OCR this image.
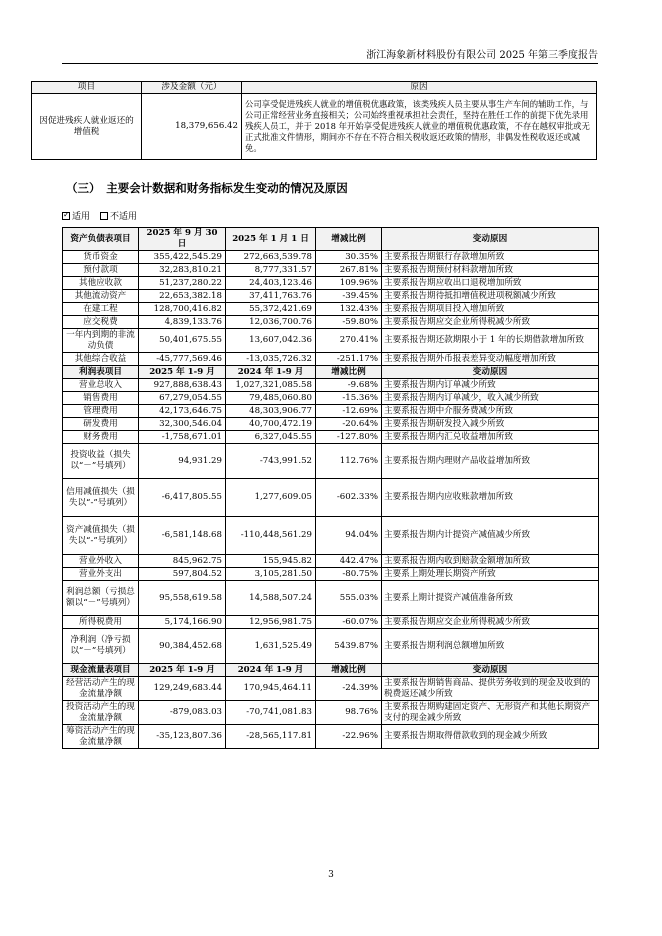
浙江海象新材料股份有限公司 2025 年第三季度报告
项目	涉及金额（元）	原因
因促进残疾人就业返还的增值税	18,379,656.42	公司享受促进残疾人就业的增值税优惠政策，该类残疾人员主要从事生产车间的辅助工作，与公司正常经营业务直接相关；公司始终重视承担社会责任，坚持在胜任工作的前提下优先录用残疾人员工，并于 2018 年开始享受促进残疾人就业的增值税优惠政策，不存在越权审批或无正式批准文件情形，期间亦不存在不符合相关税收返还政策的情形，非偶发性税收返还或减免。
（三）　主要会计数据和财务指标发生变动的情况及原因
✓适用	不适用
资产负债表项目	2025 年 9 月 30 日	2025 年 1 月 1 日	增减比例	变动原因
货币资金	355,422,545.29	272,663,539.78	30.35%	主要系报告期银行存款增加所致
预付款项	32,283,810.21	8,777,331.57	267.81%	主要系报告期预付材料款增加所致
其他应收款	51,237,280.22	24,403,123.46	109.96%	主要系报告期应收出口退税增加所致
其他流动资产	22,653,382.18	37,411,763.76	-39.45%	主要系报告期待抵扣增值税进项税额减少所致
在建工程	128,700,416.82	55,372,421.69	132.43%	主要系报告期项目投入增加所致
应交税费	4,839,133.76	12,036,700.76	-59.80%	主要系报告期应交企业所得税减少所致
一年内到期的非流动负债	50,401,675.55	13,607,042.36	270.41%	主要系报告期还款期限小于 1 年的长期借款增加所致
其他综合收益	-45,777,569.46	-13,035,726.32	-251.17%	主要系报告期外币报表差异变动幅度增加所致
利润表项目	2025 年 1-9 月	2024 年 1-9 月	增减比例	变动原因
营业总收入	927,888,638.43	1,027,321,085.58	-9.68%	主要系报告期内订单减少所致
销售费用	67,279,054.55	79,485,060.80	-15.36%	主要系报告期内订单减少，收入减少所致
管理费用	42,173,646.75	48,303,906.77	-12.69%	主要系报告期中介服务费减少所致
研发费用	32,300,546.04	40,700,472.19	-20.64%	主要系报告期研发投入减少所致
财务费用	-1,758,671.01	6,327,045.55	-127.80%	主要系报告期内汇兑收益增加所致
投资收益（损失以“－”号填列）	94,931.29	-743,991.52	112.76%	主要系报告期内理财产品收益增加所致
信用减值损失（损失以“-”号填列）	-6,417,805.55	1,277,609.05	-602.33%	主要系报告期内应收账款增加所致
资产减值损失（损失以“-”号填列）	-6,581,148.68	-110,448,561.29	94.04%	主要系报告期内计提资产减值减少所致
营业外收入	845,962.75	155,945.82	442.47%	主要系报告期内收到赔款金额增加所致
营业外支出	597,804.52	3,105,281.50	-80.75%	主要系上期处理长期资产所致
利润总额（亏损总额以“－”号填列）	95,558,619.58	14,588,507.24	555.03%	主要系上期计提资产减值准备所致
所得税费用	5,174,166.90	12,956,981.75	-60.07%	主要系报告期应交企业所得税减少所致
净利润（净亏损以“－”号填列）	90,384,452.68	1,631,525.49	5439.87%	主要系报告期利润总额增加所致
现金流量表项目	2025 年 1-9 月	2024 年 1-9 月	增减比例	变动原因
经营活动产生的现金流量净额	129,249,683.44	170,945,464.11	-24.39%	主要系报告期销售商品、提供劳务收到的现金及收到的税费返还减少所致
投资活动产生的现金流量净额	-879,083.03	-70,741,081.83	98.76%	主要系报告期购建固定资产、无形资产和其他长期资产支付的现金减少所致
筹资活动产生的现金流量净额	-35,123,807.36	-28,565,117.81	-22.96%	主要系报告期取得借款收到的现金减少所致
3
